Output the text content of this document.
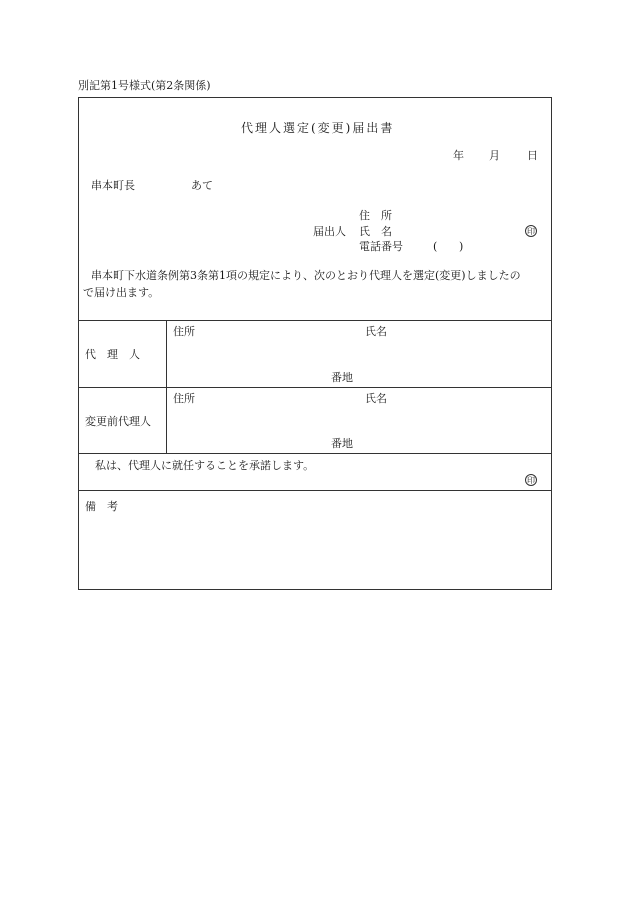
別記第1号様式(第2条関係)
代理人選定(変更)届出書
年 月 日
串本町長	あて
住　所
届出人 氏　名	印
電話番号	( )
串本町下水道条例第3条第1項の規定により、次のとおり代理人を選定(変更)しましたの
で届け出ます。
代　理　人
住所	氏名
番地
変更前代理人
住所	氏名
番地
私は、代理人に就任することを承諾します。
印
備　考
